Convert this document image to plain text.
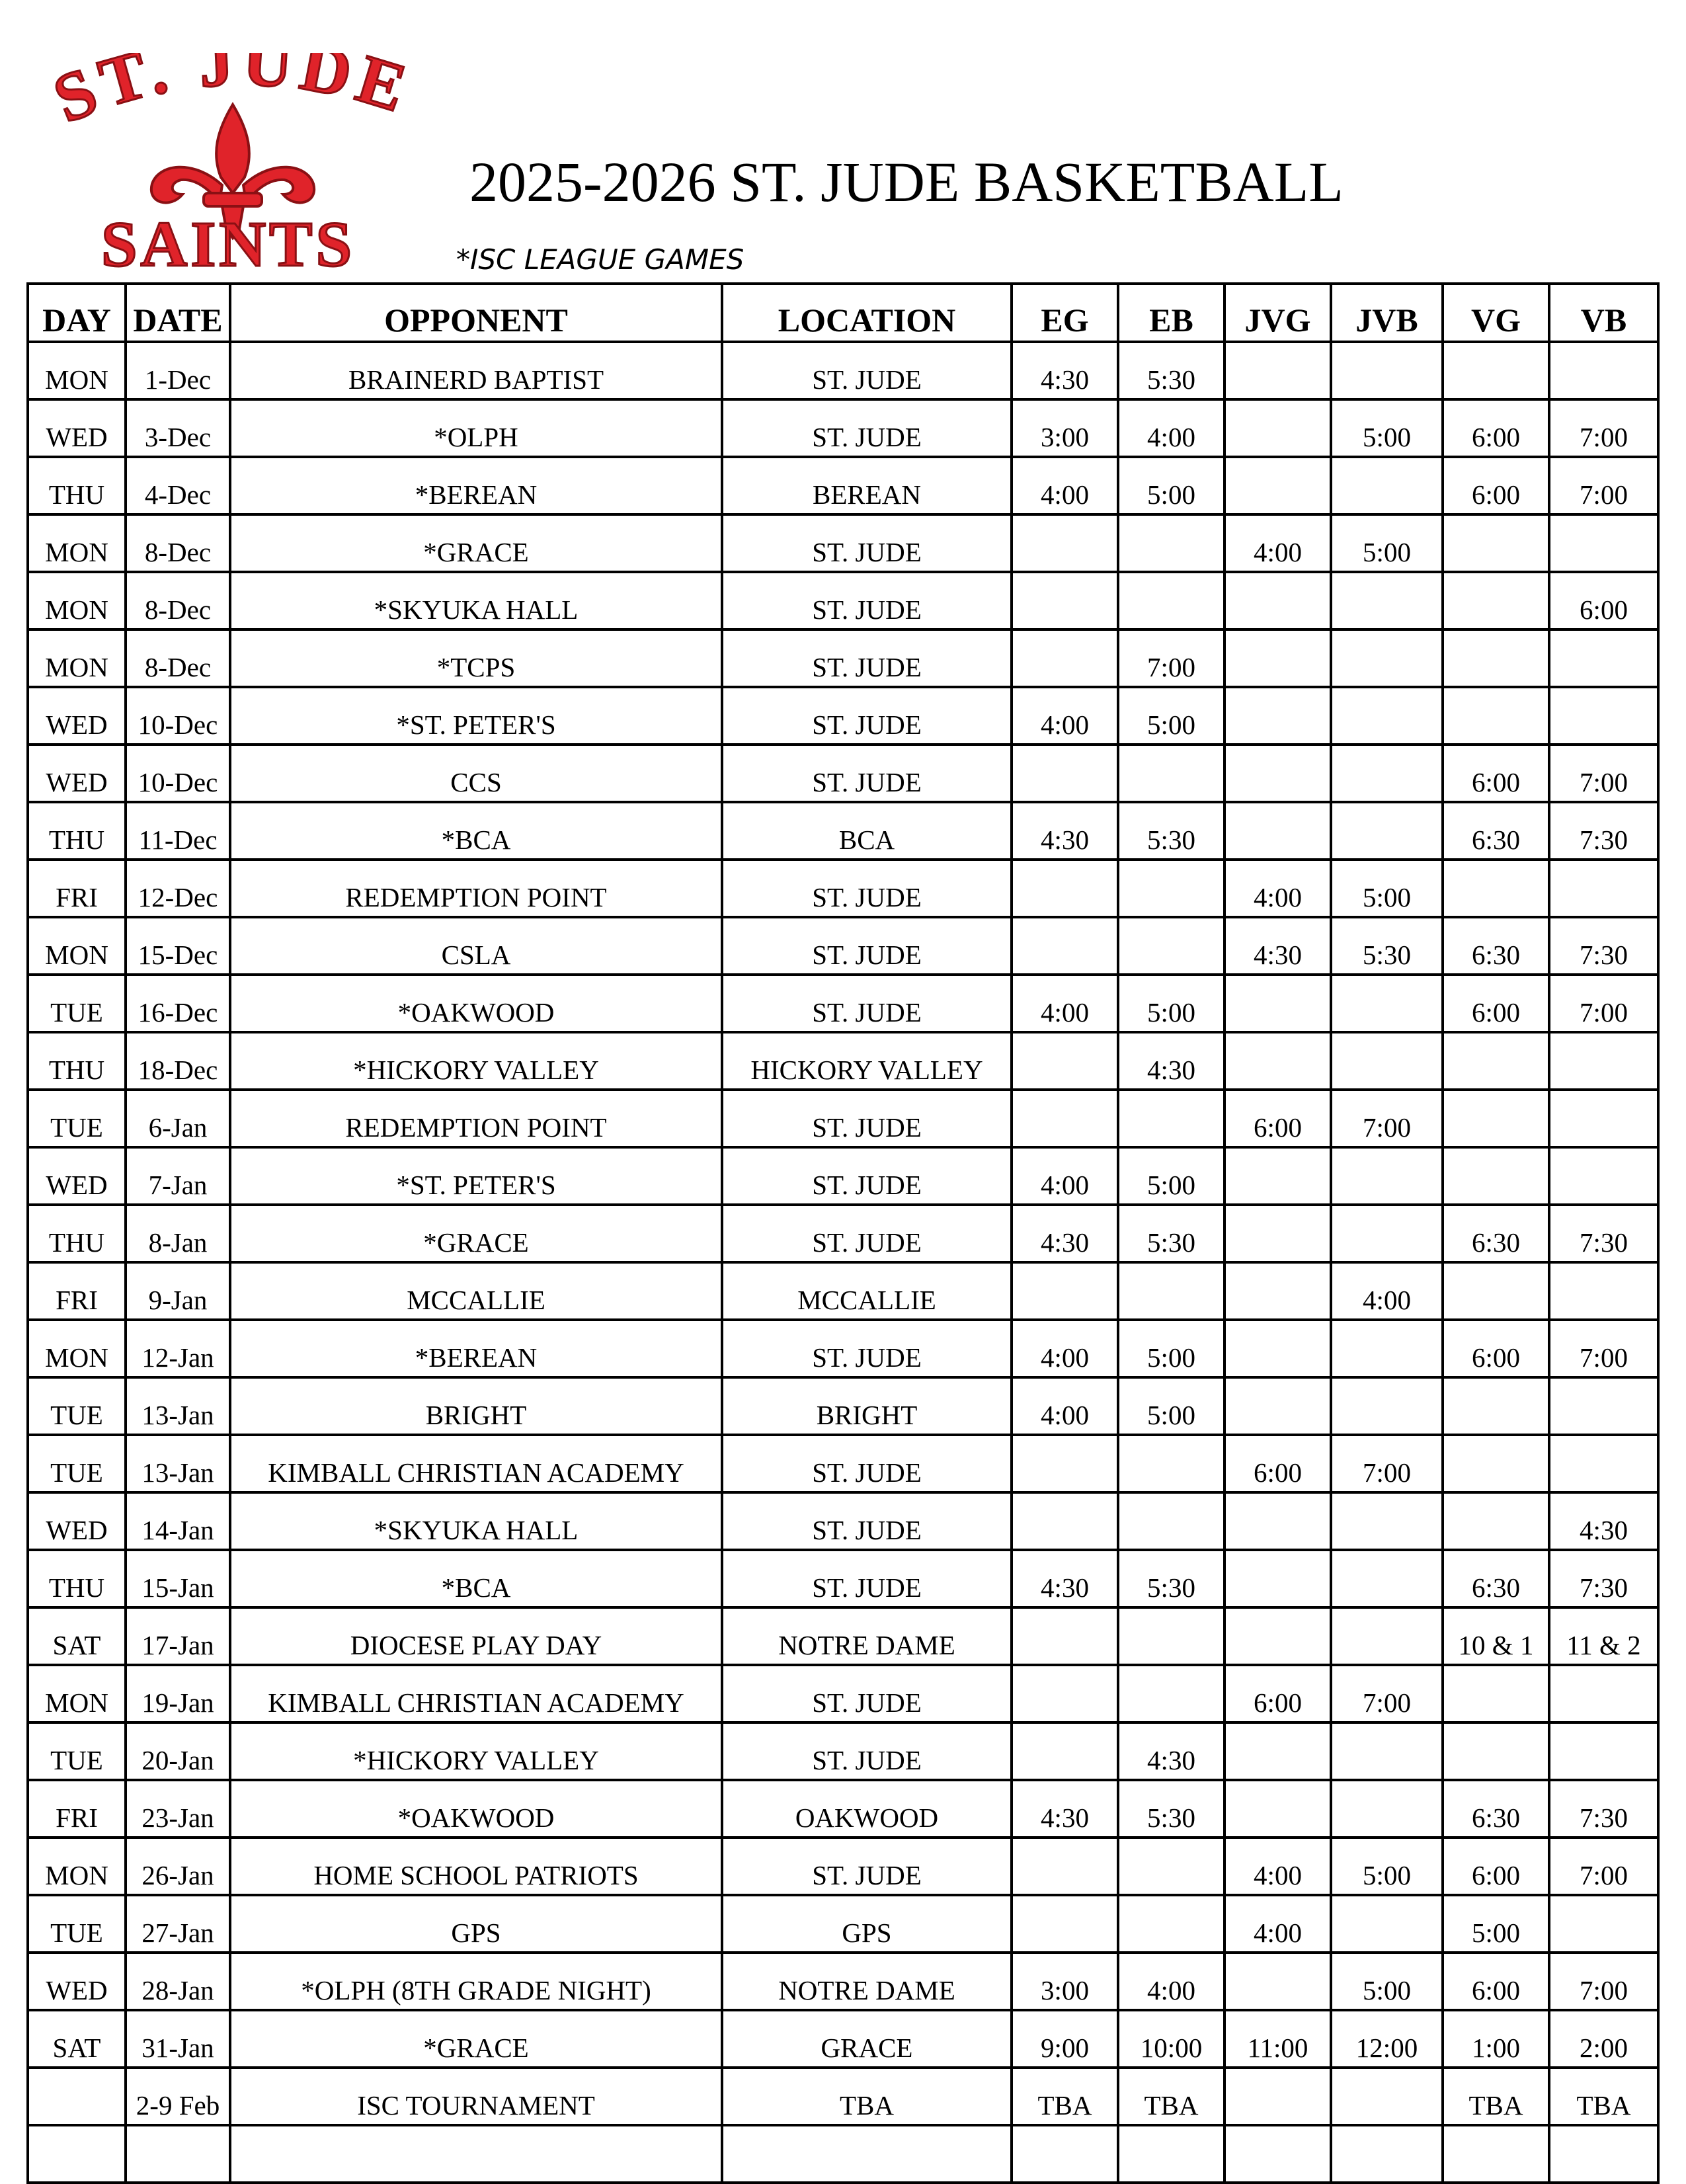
ST. JUDE
SAINTS
2025-2026 ST. JUDE BASKETBALL
*ISC LEAGUE GAMES
DAY	DATE	OPPONENT	LOCATION	EG	EB	JVG	JVB	VG	VB
MON	1-Dec	BRAINERD BAPTIST	ST. JUDE	4:30	5:30				
WED	3-Dec	*OLPH	ST. JUDE	3:00	4:00		5:00	6:00	7:00
THU	4-Dec	*BEREAN	BEREAN	4:00	5:00			6:00	7:00
MON	8-Dec	*GRACE	ST. JUDE			4:00	5:00		
MON	8-Dec	*SKYUKA HALL	ST. JUDE						6:00
MON	8-Dec	*TCPS	ST. JUDE		7:00				
WED	10-Dec	*ST. PETER'S	ST. JUDE	4:00	5:00				
WED	10-Dec	CCS	ST. JUDE					6:00	7:00
THU	11-Dec	*BCA	BCA	4:30	5:30			6:30	7:30
FRI	12-Dec	REDEMPTION POINT	ST. JUDE			4:00	5:00		
MON	15-Dec	CSLA	ST. JUDE			4:30	5:30	6:30	7:30
TUE	16-Dec	*OAKWOOD	ST. JUDE	4:00	5:00			6:00	7:00
THU	18-Dec	*HICKORY VALLEY	HICKORY VALLEY		4:30				
TUE	6-Jan	REDEMPTION POINT	ST. JUDE			6:00	7:00		
WED	7-Jan	*ST. PETER'S	ST. JUDE	4:00	5:00				
THU	8-Jan	*GRACE	ST. JUDE	4:30	5:30			6:30	7:30
FRI	9-Jan	MCCALLIE	MCCALLIE				4:00		
MON	12-Jan	*BEREAN	ST. JUDE	4:00	5:00			6:00	7:00
TUE	13-Jan	BRIGHT	BRIGHT	4:00	5:00				
TUE	13-Jan	KIMBALL CHRISTIAN ACADEMY	ST. JUDE			6:00	7:00		
WED	14-Jan	*SKYUKA HALL	ST. JUDE						4:30
THU	15-Jan	*BCA	ST. JUDE	4:30	5:30			6:30	7:30
SAT	17-Jan	DIOCESE PLAY DAY	NOTRE DAME					10 & 1	11 & 2
MON	19-Jan	KIMBALL CHRISTIAN ACADEMY	ST. JUDE			6:00	7:00		
TUE	20-Jan	*HICKORY VALLEY	ST. JUDE		4:30				
FRI	23-Jan	*OAKWOOD	OAKWOOD	4:30	5:30			6:30	7:30
MON	26-Jan	HOME SCHOOL PATRIOTS	ST. JUDE			4:00	5:00	6:00	7:00
TUE	27-Jan	GPS	GPS			4:00		5:00	
WED	28-Jan	*OLPH (8TH GRADE NIGHT)	NOTRE DAME	3:00	4:00		5:00	6:00	7:00
SAT	31-Jan	*GRACE	GRACE	9:00	10:00	11:00	12:00	1:00	2:00
	2-9 Feb	ISC TOURNAMENT	TBA	TBA	TBA			TBA	TBA
